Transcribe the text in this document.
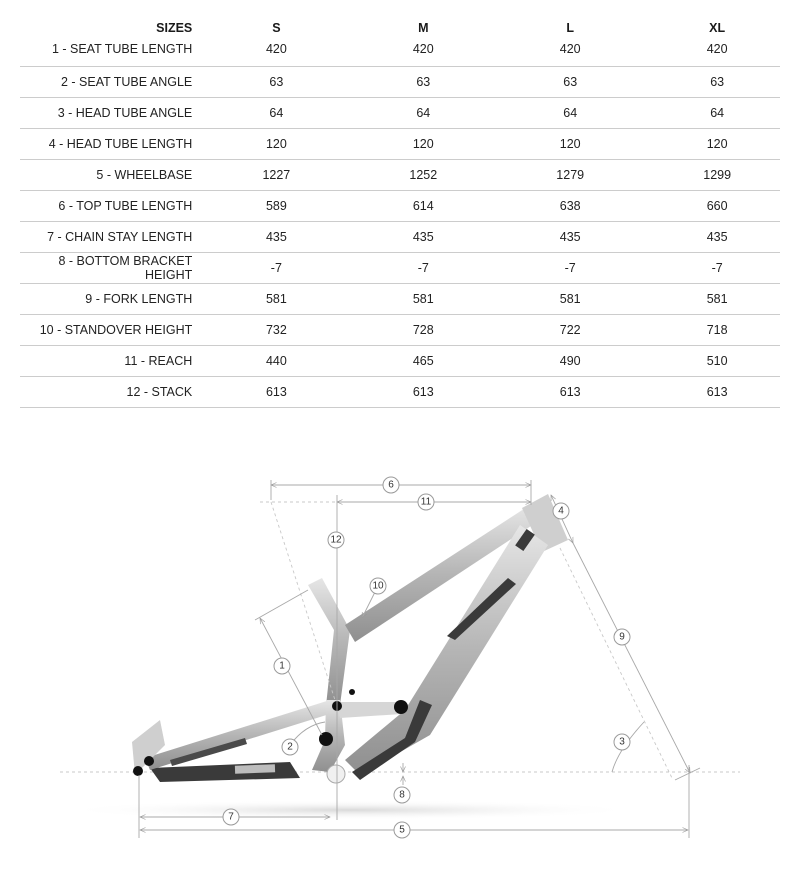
SIZES	S	M	L	XL
1 - SEAT TUBE LENGTH	420	420	420	420
2 - SEAT TUBE ANGLE	63	63	63	63
3 - HEAD TUBE ANGLE	64	64	64	64
4 - HEAD TUBE LENGTH	120	120	120	120
5 - WHEELBASE	1227	1252	1279	1299
6 - TOP TUBE LENGTH	589	614	638	660
7 - CHAIN STAY LENGTH	435	435	435	435
8 - BOTTOM BRACKET HEIGHT	-7	-7	-7	-7
9 - FORK LENGTH	581	581	581	581
10 - STANDOVER HEIGHT	732	728	722	718
11 - REACH	440	465	490	510
12 - STACK	613	613	613	613
1
2	3
4
5
6
7
8
9
10
11
12
